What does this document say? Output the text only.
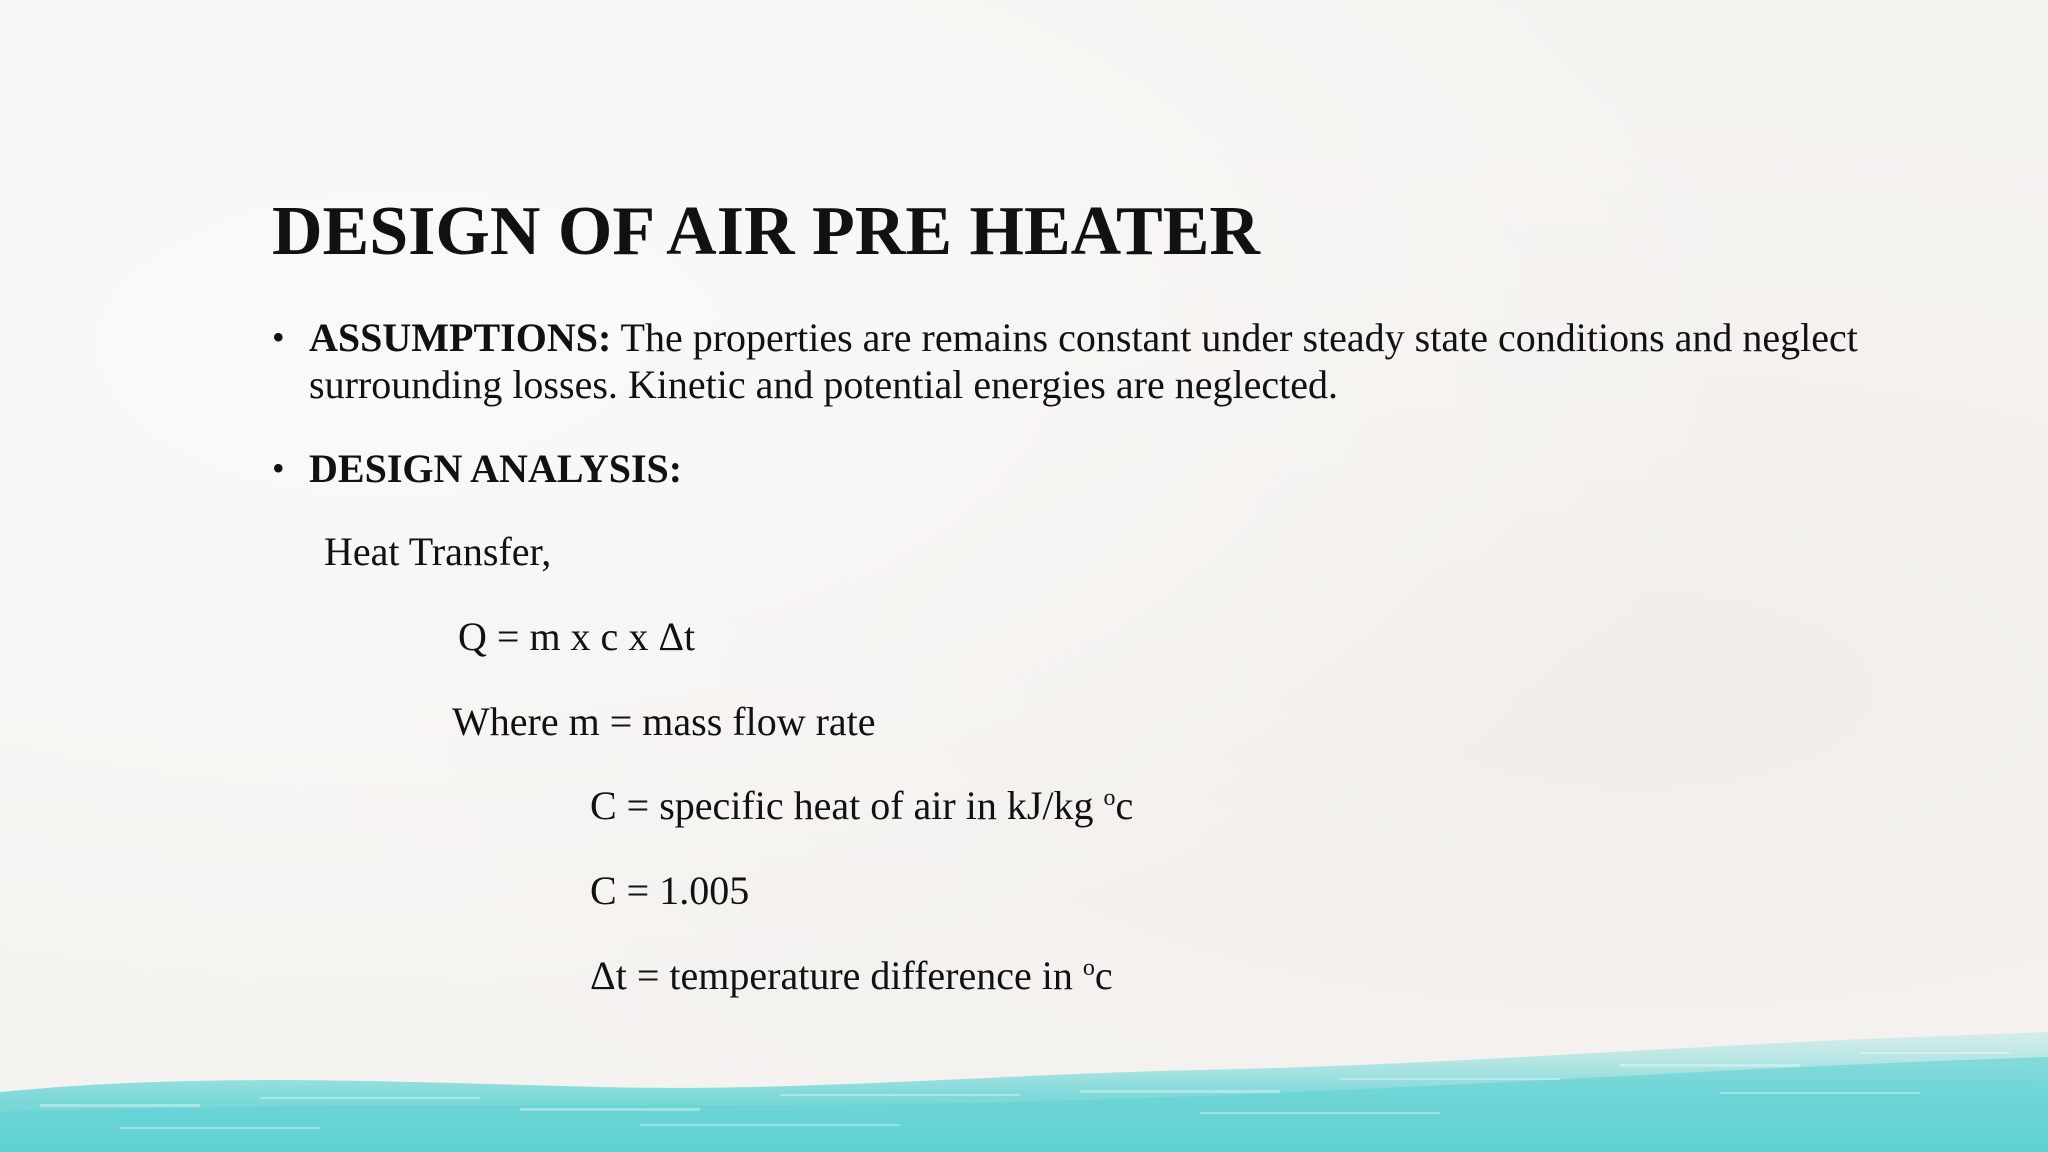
DESIGN OF AIR PRE HEATER
• ASSUMPTIONS: The properties are remains constant under steady state conditions and neglect surrounding losses. Kinetic and potential energies are neglected.
• DESIGN ANALYSIS:
Heat Transfer,
Q = m x c x Δt
Where m = mass flow rate
C = specific heat of air in kJ/kg $^o$c
C = 1.005
Δt = temperature difference in $^o$c
